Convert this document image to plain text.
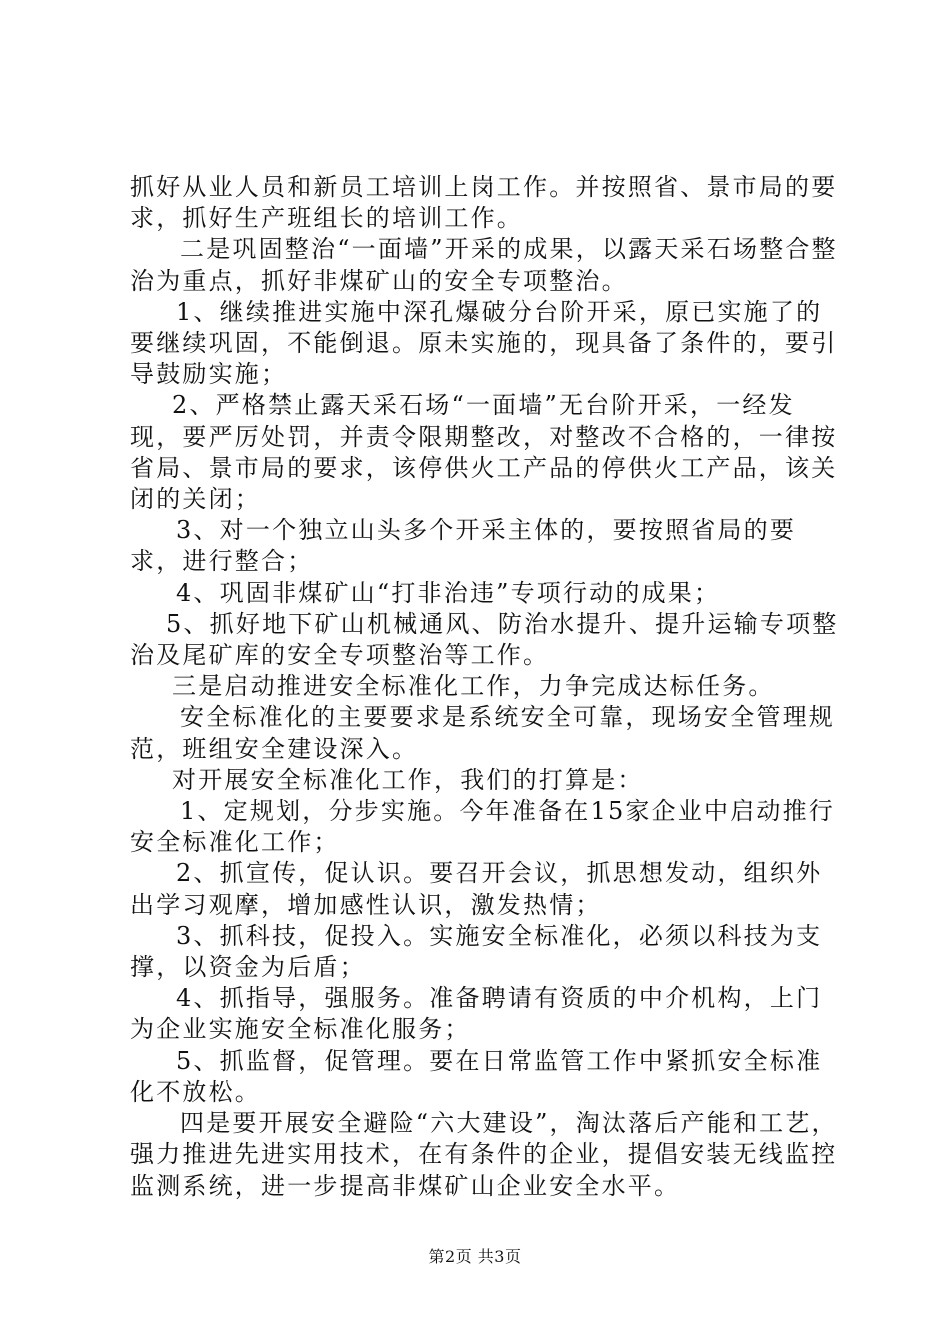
抓好从业人员和新员工培训上岗工作。并按照省、景市局的要求，抓好生产班组长的培训工作。

二是巩固整治“一面墙”开采的成果，以露天采石场整合整治为重点，抓好非煤矿山的安全专项整治。

1、继续推进实施中深孔爆破分台阶开采，原已实施了的要继续巩固，不能倒退。原未实施的，现具备了条件的，要引导鼓励实施；

2、严格禁止露天采石场“一面墙”无台阶开采，一经发现，要严厉处罚，并责令限期整改，对整改不合格的，一律按省局、景市局的要求，该停供火工产品的停供火工产品，该关闭的关闭；

3、对一个独立山头多个开采主体的，要按照省局的要求，进行整合；

4、巩固非煤矿山“打非治违”专项行动的成果；

5、抓好地下矿山机械通风、防治水提升、提升运输专项整治及尾矿库的安全专项整治等工作。

三是启动推进安全标准化工作，力争完成达标任务。

安全标准化的主要要求是系统安全可靠，现场安全管理规范，班组安全建设深入。

对开展安全标准化工作，我们的打算是：

1、定规划，分步实施。今年准备在15家企业中启动推行安全标准化工作；

2、抓宣传，促认识。要召开会议，抓思想发动，组织外出学习观摩，增加感性认识，激发热情；

3、抓科技，促投入。实施安全标准化，必须以科技为支撑，以资金为后盾；

4、抓指导，强服务。准备聘请有资质的中介机构，上门为企业实施安全标准化服务；

5、抓监督，促管理。要在日常监管工作中紧抓安全标准化不放松。

四是要开展安全避险“六大建设”，淘汰落后产能和工艺，强力推进先进实用技术，在有条件的企业，提倡安装无线监控监测系统，进一步提高非煤矿山企业安全水平。

第2页 共3页
